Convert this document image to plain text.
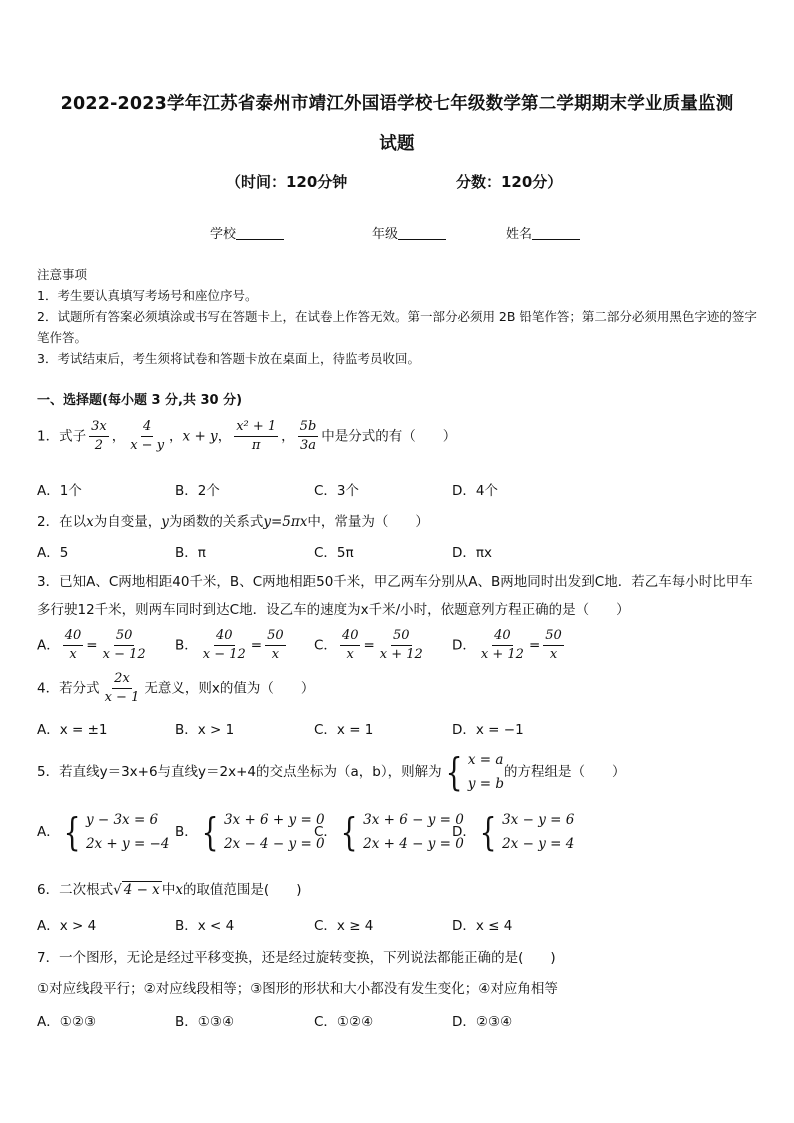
2022-2023学年江苏省泰州市靖江外国语学校七年级数学第二学期期末学业质量监测
试题
（时间：120分钟	分数：120分）
学校	年级	姓名
注意事项
1．考生要认真填写考场号和座位序号。
2．试题所有答案必须填涂或书写在答题卡上，在试卷上作答无效。第一部分必须用 2B 铅笔作答；第二部分必须用黑色字迹的签字笔作答。
3．考试结束后，考生须将试卷和答题卡放在桌面上，待监考员收回。
一、选择题(每小题 3 分,共 30 分)
1．式子 $\frac{3x}{2}$ ， $\frac{4}{x - y}$ ，x + y， $\frac{\text{x² + 1}}{\pi}$ ， $\frac{5b}{3a}$ 中是分式的有（　　）
A．1个	B．2个	C．3个	D．4个
2．在以x为自变量，y为函数的关系式y=5πx中，常量为（　　）
A．5	B．π	C．5π	D．πx
3．已知A、C两地相距40千米，B、C两地相距50千米，甲乙两车分别从A、B两地同时出发到C地．若乙车每小时比甲车多行驶12千米，则两车同时到达C地．设乙车的速度为x千米/小时，依题意列方程正确的是（　　）
A． $\frac{40}{x} = \frac{50}{x - 12}$ B． $\frac{40}{x - 12} = \frac{50}{x}$ C． $\frac{40}{x} = \frac{50}{x + 12}$ D． $\frac{40}{x + 12} = \frac{50}{x}$
4．若分式 $\frac{2x}{x - 1}$ 无意义，则x的值为（　　）
A．x = ±1	B．x > 1	C．x = 1	D．x = −1
5．若直线y＝3x+6与直线y＝2x+4的交点坐标为（a，b），则解为 { x = a
y = b
的方程组是（　　）
A． { y − 3x = 6
2x + y = −4
B． { 3x + 6 + y = 0
2x − 4 − y = 0
C． { 3x + 6 − y = 0
2x + 4 − y = 0
D． { 3x − y = 6
2x − y = 4
6．二次根式√ 4 − x 中x的取值范围是(　　)
A．x > 4	B．x < 4	C．x ≥ 4	D．x ≤ 4
7．一个图形，无论是经过平移变换，还是经过旋转变换，下列说法都能正确的是(　　)
①对应线段平行；②对应线段相等；③图形的形状和大小都没有发生变化；④对应角相等
A．①②③	B．①③④	C．①②④	D．②③④
